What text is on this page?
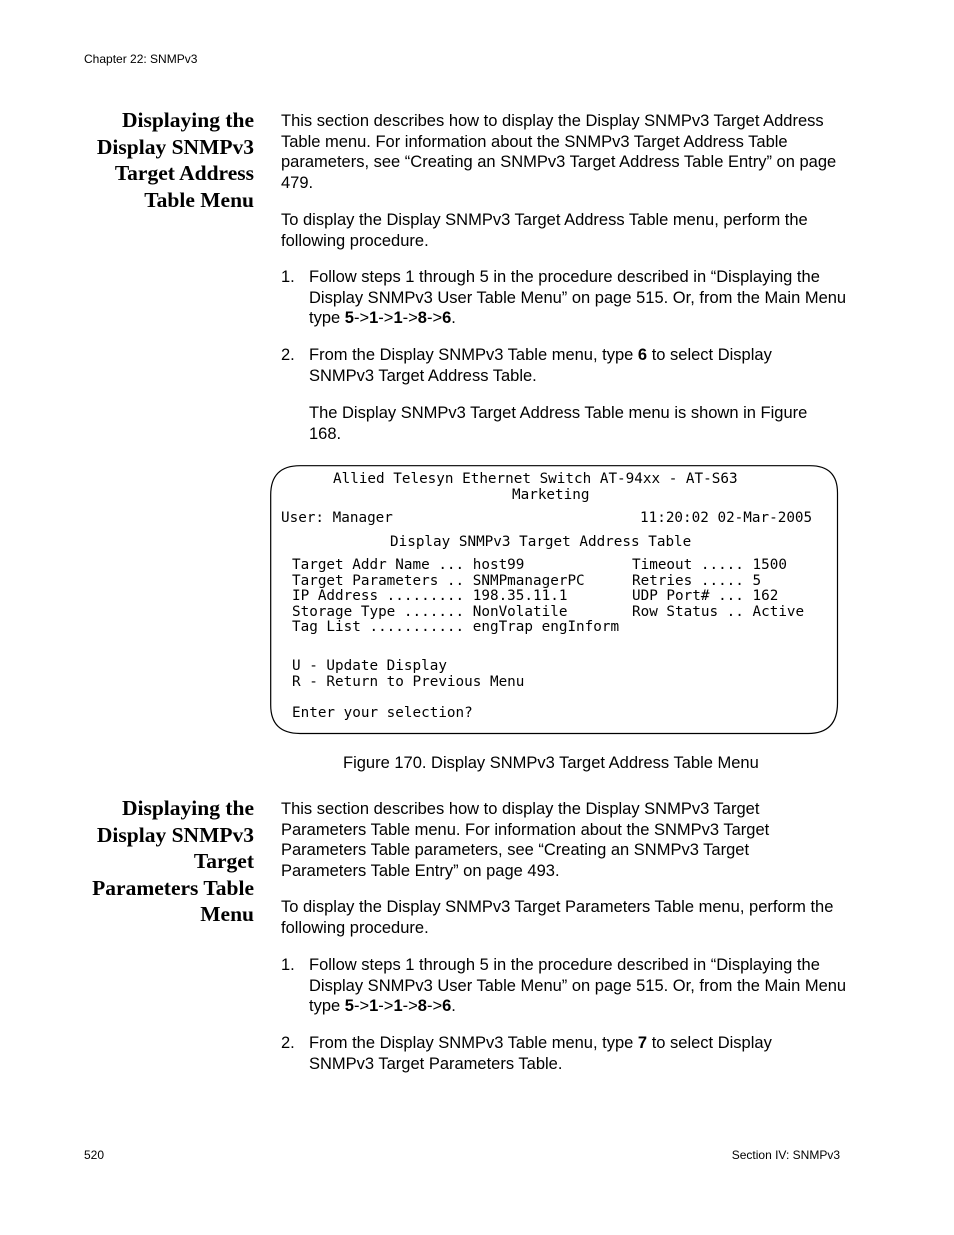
Chapter 22: SNMPv3
Displaying the
Display SNMPv3
Target Address
Table Menu
This section describes how to display the Display SNMPv3 Target Address Table menu. For information about the SNMPv3 Target Address Table parameters, see “Creating an SNMPv3 Target Address Table Entry” on page 479.
To display the Display SNMPv3 Target Address Table menu, perform the following procedure.
1. Follow steps 1 through 5 in the procedure described in “Displaying the Display SNMPv3 User Table Menu” on page 515. Or, from the Main Menu type 5->1->1->8->6.
2. From the Display SNMPv3 Table menu, type 6 to select Display SNMPv3 Target Address Table.
The Display SNMPv3 Target Address Table menu is shown in Figure 168.
Allied Telesyn Ethernet Switch AT-94xx - AT-S63
Marketing
User: Manager	11:20:02 02-Mar-2005
Display SNMPv3 Target Address Table
Target Addr Name ... host99
Target Parameters .. SNMPmanagerPC
IP Address ......... 198.35.11.1
Storage Type ....... NonVolatile
Tag List ........... engTrap engInform
Timeout ..... 1500
Retries ..... 5
UDP Port# ... 162
Row Status .. Active
U - Update Display
R - Return to Previous Menu
Enter your selection?
Figure 170. Display SNMPv3 Target Address Table Menu
Displaying the
Display SNMPv3
Target
Parameters Table
Menu
This section describes how to display the Display SNMPv3 Target Parameters Table menu. For information about the SNMPv3 Target Parameters Table parameters, see “Creating an SNMPv3 Target Parameters Table Entry” on page 493.
To display the Display SNMPv3 Target Parameters Table menu, perform the following procedure.
1. Follow steps 1 through 5 in the procedure described in “Displaying the Display SNMPv3 User Table Menu” on page 515. Or, from the Main Menu type 5->1->1->8->6.
2. From the Display SNMPv3 Table menu, type 7 to select Display SNMPv3 Target Parameters Table.
520	Section IV: SNMPv3
